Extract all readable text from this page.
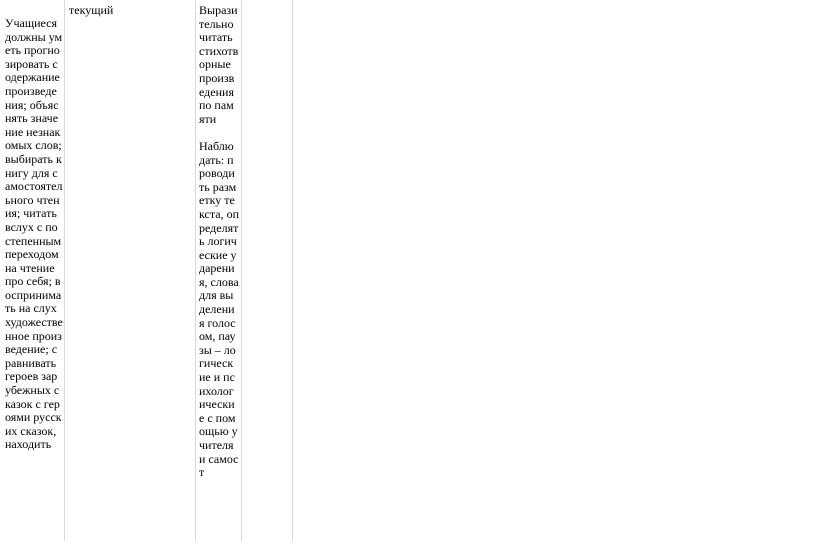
Учащиеся должны уметь прогнозировать содержание произведения; объяснять значение незнакомых слов; выбирать книгу для самостоятельного чтения; читать вслух с постепенным переходом на чтение про себя; воспринимать на слух художественное произведение; сравнивать героев зарубежных сказок с героями русских сказок, находить
текущий	Выразительно читать стихотворные произведения по памяти

Наблюдать: проводить разметку текста, определять логические ударения, слова для выделения голосом, паузы – логические и психологические с помощью учителя и самост
